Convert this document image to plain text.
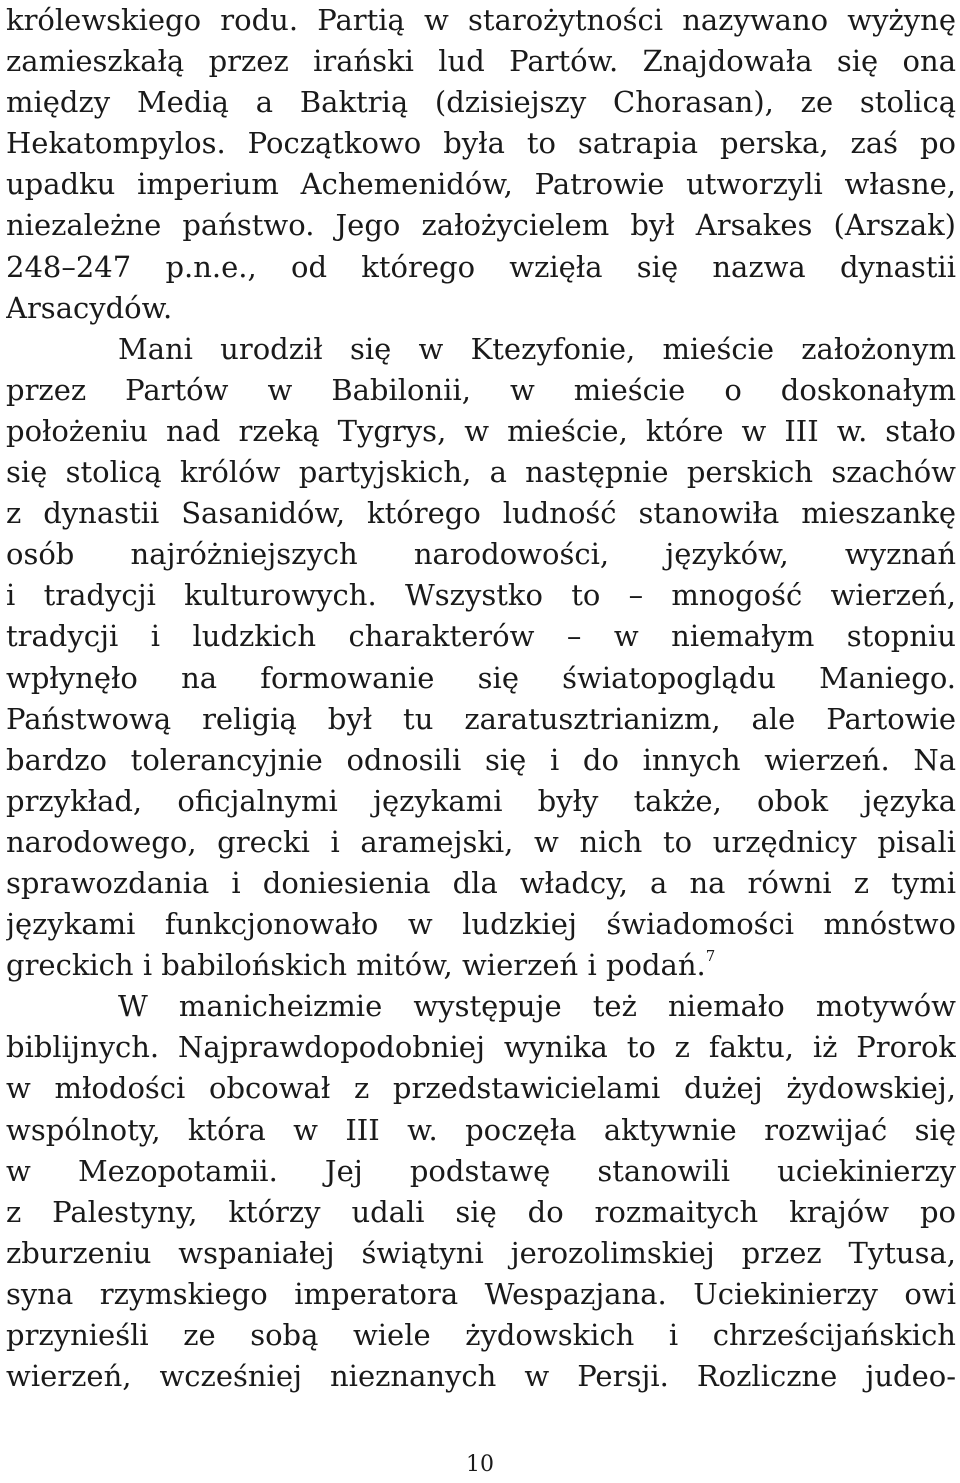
królewskiego rodu. Partią w starożytności nazywano wyżynę
zamieszkałą przez irański lud Partów. Znajdowała się ona
między Medią a Baktrią (dzisiejszy Chorasan), ze stolicą
Hekatompylos. Początkowo była to satrapia perska, zaś po
upadku imperium Achemenidów, Patrowie utworzyli własne,
niezależne państwo. Jego założycielem był Arsakes (Arszak)
248–247 p.n.e., od którego wzięła się nazwa dynastii
Arsacydów.
Mani urodził się w Ktezyfonie, mieście założonym
przez Partów w Babilonii, w mieście o doskonałym
położeniu nad rzeką Tygrys, w mieście, które w III w. stało
się stolicą królów partyjskich, a następnie perskich szachów
z dynastii Sasanidów, którego ludność stanowiła mieszankę
osób najróżniejszych narodowości, języków, wyznań
i tradycji kulturowych. Wszystko to – mnogość wierzeń,
tradycji i ludzkich charakterów – w niemałym stopniu
wpłynęło na formowanie się światopoglądu Maniego.
Państwową religią był tu zaratusztrianizm, ale Partowie
bardzo tolerancyjnie odnosili się i do innych wierzeń. Na
przykład, oficjalnymi językami były także, obok języka
narodowego, grecki i aramejski, w nich to urzędnicy pisali
sprawozdania i doniesienia dla władcy, a na równi z tymi
językami funkcjonowało w ludzkiej świadomości mnóstwo
greckich i babilońskich mitów, wierzeń i podań.$^7$
W manicheizmie występuje też niemało motywów
biblijnych. Najprawdopodobniej wynika to z faktu, iż Prorok
w młodości obcował z przedstawicielami dużej żydowskiej,
wspólnoty, która w III w. poczęła aktywnie rozwijać się
w Mezopotamii. Jej podstawę stanowili uciekinierzy
z Palestyny, którzy udali się do rozmaitych krajów po
zburzeniu wspaniałej świątyni jerozolimskiej przez Tytusa,
syna rzymskiego imperatora Wespazjana. Uciekinierzy owi
przynieśli ze sobą wiele żydowskich i chrześcijańskich
wierzeń, wcześniej nieznanych w Persji. Rozliczne judeo-
10
